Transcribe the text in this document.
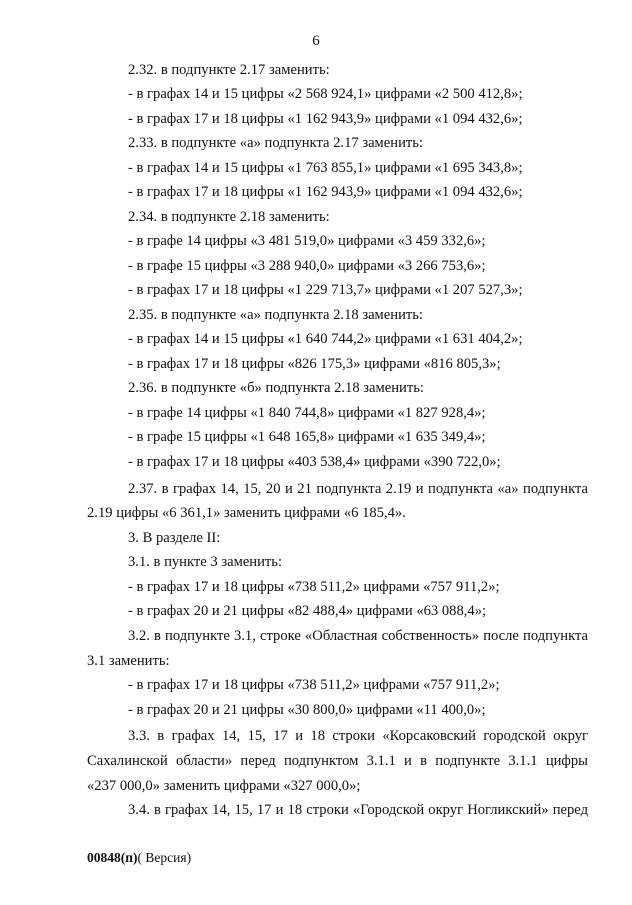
6
2.32. в подпункте 2.17 заменить:
- в графах 14 и 15 цифры «2 568 924,1» цифрами «2 500 412,8»;
- в графах 17 и 18 цифры «1 162 943,9» цифрами «1 094 432,6»;
2.33. в подпункте «а» подпункта 2.17 заменить:
- в графах 14 и 15 цифры «1 763 855,1» цифрами «1 695 343,8»;
- в графах 17 и 18 цифры «1 162 943,9» цифрами «1 094 432,6»;
2.34. в подпункте 2.18 заменить:
- в графе 14 цифры «3 481 519,0» цифрами «3 459 332,6»;
- в графе 15 цифры «3 288 940,0» цифрами «3 266 753,6»;
- в графах 17 и 18 цифры «1 229 713,7» цифрами «1 207 527,3»;
2.35. в подпункте «а» подпункта 2.18 заменить:
- в графах 14 и 15 цифры «1 640 744,2» цифрами «1 631 404,2»;
- в графах 17 и 18 цифры «826 175,3» цифрами «816 805,3»;
2.36. в подпункте «б» подпункта 2.18 заменить:
- в графе 14 цифры «1 840 744,8» цифрами «1 827 928,4»;
- в графе 15 цифры «1 648 165,8» цифрами «1 635 349,4»;
- в графах 17 и 18 цифры «403 538,4» цифрами «390 722,0»;
2.37. в графах 14, 15, 20 и 21 подпункта 2.19 и подпункта «а» подпункта
2.19 цифры «6 361,1» заменить цифрами «6 185,4».
3. В разделе II:
3.1. в пункте 3 заменить:
- в графах 17 и 18 цифры «738 511,2» цифрами «757 911,2»;
- в графах 20 и 21 цифры «82 488,4» цифрами «63 088,4»;
3.2. в подпункте 3.1, строке «Областная собственность» после подпункта
3.1 заменить:
- в графах 17 и 18 цифры «738 511,2» цифрами «757 911,2»;
- в графах 20 и 21 цифры «30 800,0» цифрами «11 400,0»;
3.3. в графах 14, 15, 17 и 18 строки «Корсаковский городской округ
Сахалинской области» перед подпунктом 3.1.1 и в подпункте 3.1.1 цифры
«237 000,0» заменить цифрами «327 000,0»;
3.4. в графах 14, 15, 17 и 18 строки «Городской округ Ногликский» перед
00848(п)( Версия)
